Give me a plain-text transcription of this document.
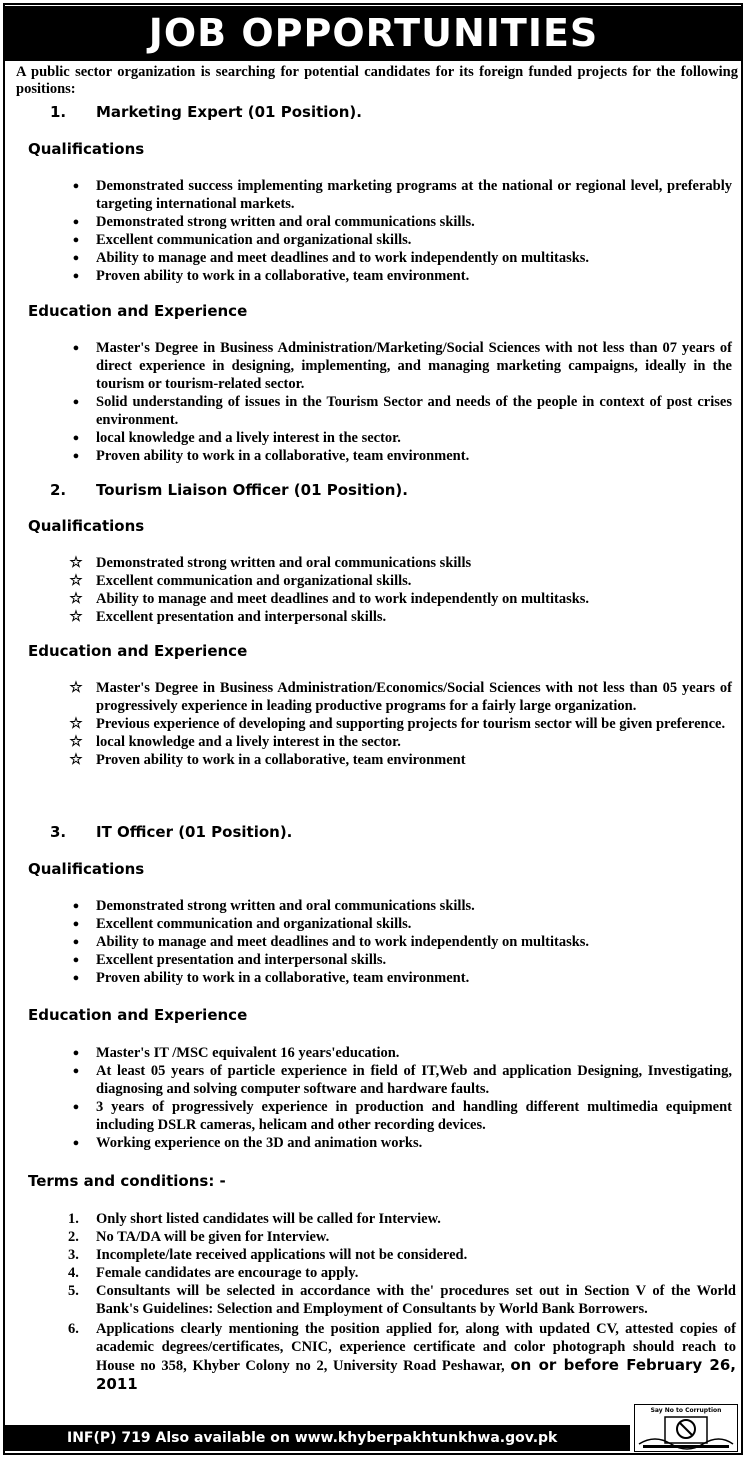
JOB OPPORTUNITIES
A public sector organization is searching for potential candidates for its foreign funded projects for the following positions:
1. Marketing Expert (01 Position).
Qualifications
●	Demonstrated success implementing marketing programs at the national or regional level, preferably targeting international markets.
●	Demonstrated strong written and oral communications skills.
●	Excellent communication and organizational skills.
●	Ability to manage and meet deadlines and to work independently on multitasks.
●	Proven ability to work in a collaborative, team environment.
Education and Experience
●	Master's Degree in Business Administration/Marketing/Social Sciences with not less than 07 years of direct experience in designing, implementing, and managing marketing campaigns, ideally in the tourism or tourism-related sector.
●	Solid understanding of issues in the Tourism Sector and needs of the people in context of post crises environment.
●	local knowledge and a lively interest in the sector.
●	Proven ability to work in a collaborative, team environment.
2. Tourism Liaison Officer (01 Position).
Qualifications
☆ Demonstrated strong written and oral communications skills
☆ Excellent communication and organizational skills.
☆ Ability to manage and meet deadlines and to work independently on multitasks.
☆ Excellent presentation and interpersonal skills.
Education and Experience
☆ Master's Degree in Business Administration/Economics/Social Sciences with not less than 05 years of progressively experience in leading productive programs for a fairly large organization.
☆ Previous experience of developing and supporting projects for tourism sector will be given preference.
☆ local knowledge and a lively interest in the sector.
☆ Proven ability to work in a collaborative, team environment
3. IT Officer (01 Position).
Qualifications
●	Demonstrated strong written and oral communications skills.
●	Excellent communication and organizational skills.
●	Ability to manage and meet deadlines and to work independently on multitasks.
●	Excellent presentation and interpersonal skills.
●	Proven ability to work in a collaborative, team environment.
Education and Experience
●	Master's IT /MSC equivalent 16 years'education.
●	At least 05 years of particle experience in field of IT,Web and application Designing, Investigating, diagnosing and solving computer software and hardware faults.
●	3 years of progressively experience in production and handling different multimedia equipment including DSLR cameras, helicam and other recording devices.
●	Working experience on the 3D and animation works.
Terms and conditions: -
1. Only short listed candidates will be called for Interview.
2. No TA/DA will be given for Interview.
3. Incomplete/late received applications will not be considered.
4. Female candidates are encourage to apply.
5. Consultants will be selected in accordance with the' procedures set out in Section V of the World Bank's Guidelines: Selection and Employment of Consultants by World Bank Borrowers.
6. Applications clearly mentioning the position applied for, along with updated CV, attested copies of academic degrees/certificates, CNIC, experience certificate and color photograph should reach to House no 358, Khyber Colony no 2, University Road Peshawar, on or before February 26, 2011
INF(P) 719 Also available on www.khyberpakhtunkhwa.gov.pk
Say No to Corruption
